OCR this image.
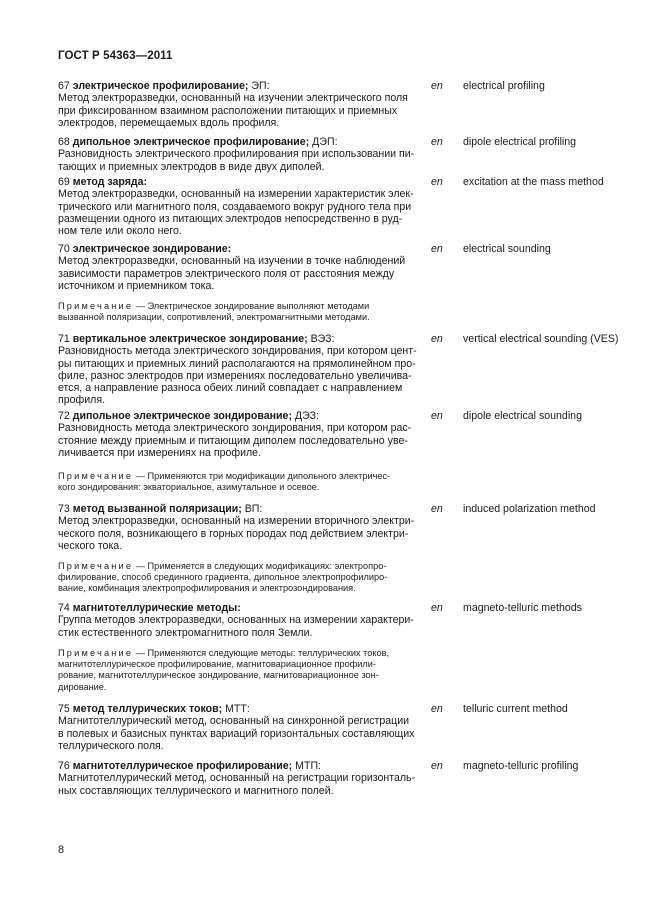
ГОСТ Р 54363—2011

67 электрическое профилирование; ЭП:

Метод электроразведки, основанный на изучении электрического поля

при фиксированном взаимном расположении питающих и приемных

электродов, перемещаемых вдоль профиля.

en electrical profiling

68 дипольное электрическое профилирование; ДЭП:

Разновидность электрического профилирования при использовании пи-

тающих и приемных электродов в виде двух диполей.

en dipole electrical profiling

69 метод заряда:

Метод электроразведки, основанный на измерении характеристик элек-

трического или магнитного поля, создаваемого вокруг рудного тела при

размещении одного из питающих электродов непосредственно в руд-

ном теле или около него.

en excitation at the mass method

70 электрическое зондирование:

Метод электроразведки, основанный на изучении в точке наблюдений

зависимости параметров электрического поля от расстояния между

источником и приемником тока.

en electrical sounding

71 вертикальное электрическое зондирование; ВЭЗ:

Разновидность метода электрического зондирования, при котором цент-

ры питающих и приемных линий располагаются на прямолинейном про-

филе, разнос электродов при измерениях последовательно увеличива-

ется, а направление разноса обеих линий совпадает с направлением

профиля.

en vertical electrical sounding (VES)

72 дипольное электрическое зондирование; ДЭЗ:

Разновидность метода электрического зондирования, при котором рас-

стояние между приемным и питающим диполем последовательно уве-

личивается при измерениях на профиле.

en dipole electrical sounding

73 метод вызванной поляризации; ВП:

Метод электроразведки, основанный на измерении вторичного электри-

ческого поля, возникающего в горных породах под действием электри-

ческого тока.

en induced polarization method

74 магнитотеллурические методы:

Группа методов электроразведки, основанных на измерении характери-

стик естественного электромагнитного поля Земли.

en magneto-telluric methods

75 метод теллурических токов; МТТ:

Магнитотеллурический метод, основанный на синхронной регистрации

в полевых и базисных пунктах вариаций горизонтальных составляющих

теллурического поля.

en telluric current method

76 магнитотеллурическое профилирование; МТП:

Магнитотеллурический метод, основанный на регистрации горизонталь-

ных составляющих теллурического и магнитного полей.

en magneto-telluric profiling

Примечание — Электрическое зондирование выполняют методами

вызванной поляризации, сопротивлений, электромагнитными методами.

Примечание — Применяются три модификации дипольного электричес-

кого зондирования: экваториальное, азимутальное и осевое.

Примечание — Применяется в следующих модификациях: электропро-

филирование, способ срединного градиента, дипольное электропрофилиро-

вание, комбинация электропрофилирования и электрозондирования.

Примечание — Применяются следующие методы: теллурических токов,

магнитотеллурическое профилирование, магнитовариационное профили-

рование, магнитотеллурическое зондирование, магнитовариационное зон-

дирование.

8
